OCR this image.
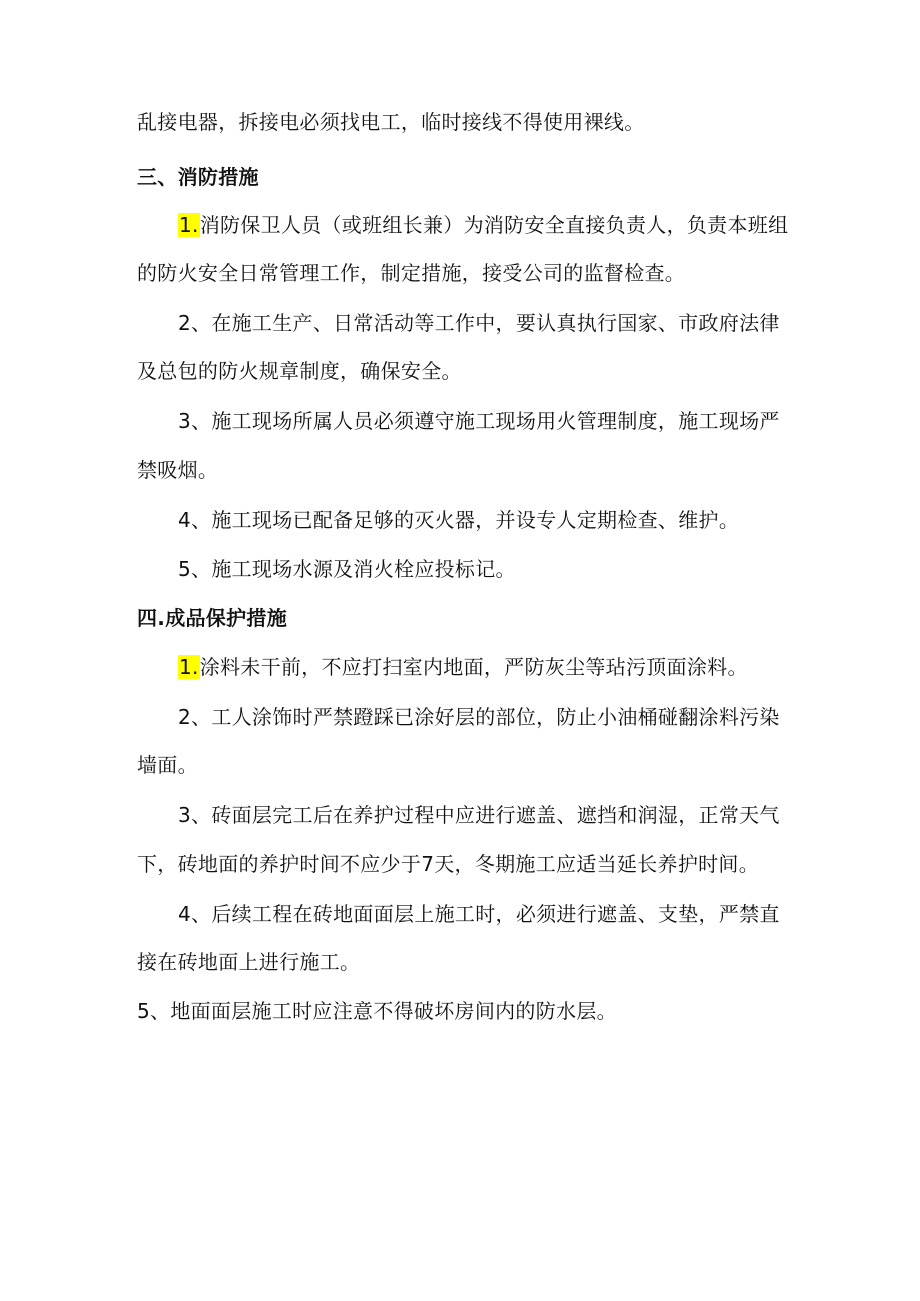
乱接电器，拆接电必须找电工，临时接线不得使用裸线。
三、消防措施
1.消防保卫人员（或班组长兼）为消防安全直接负责人，负责本班组
的防火安全日常管理工作，制定措施，接受公司的监督检查。
2、在施工生产、日常活动等工作中，要认真执行国家、市政府法律
及总包的防火规章制度，确保安全。
3、施工现场所属人员必须遵守施工现场用火管理制度，施工现场严
禁吸烟。
4、施工现场已配备足够的灭火器，并设专人定期检查、维护。
5、施工现场水源及消火栓应投标记。
四.成品保护措施
1.涂料未干前，不应打扫室内地面，严防灰尘等玷污顶面涂料。
2、工人涂饰时严禁蹬踩已涂好层的部位，防止小油桶碰翻涂料污染
墙面。
3、砖面层完工后在养护过程中应进行遮盖、遮挡和润湿，正常天气
下，砖地面的养护时间不应少于7天，冬期施工应适当延长养护时间。
4、后续工程在砖地面面层上施工时，必须进行遮盖、支垫，严禁直
接在砖地面上进行施工。
5、地面面层施工时应注意不得破坏房间内的防水层。
